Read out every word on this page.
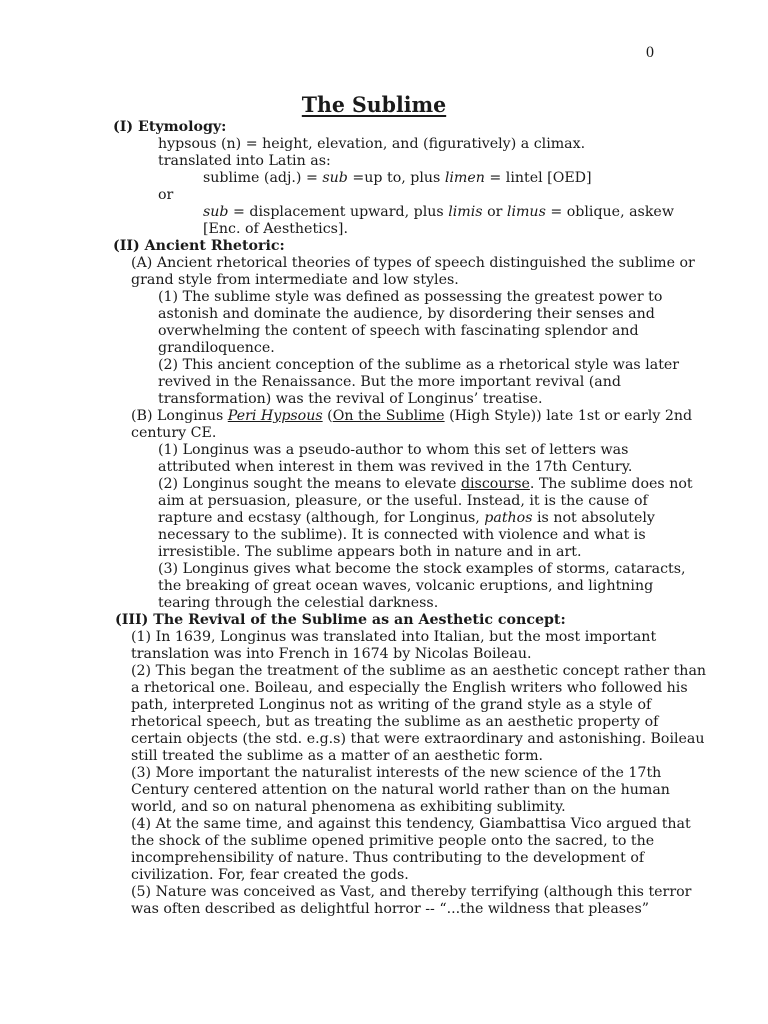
0
The Sublime
(I) Etymology:
hypsous (n) = height, elevation, and (figuratively) a climax.
translated into Latin as:
sublime (adj.) = sub =up to, plus limen = lintel [OED]
or
sub = displacement upward, plus limis or limus = oblique, askew
[Enc. of Aesthetics].
(II) Ancient Rhetoric:
(A) Ancient rhetorical theories of types of speech distinguished the sublime or
grand style from intermediate and low styles.
(1) The sublime style was defined as possessing the greatest power to
astonish and dominate the audience, by disordering their senses and
overwhelming the content of speech with fascinating splendor and
grandiloquence.
(2) This ancient conception of the sublime as a rhetorical style was later
revived in the Renaissance. But the more important revival (and
transformation) was the revival of Longinus’ treatise.
(B) Longinus Peri Hypsous (On the Sublime (High Style)) late 1st or early 2nd
century CE.
(1) Longinus was a pseudo-author to whom this set of letters was
attributed when interest in them was revived in the 17th Century.
(2) Longinus sought the means to elevate discourse. The sublime does not
aim at persuasion, pleasure, or the useful. Instead, it is the cause of
rapture and ecstasy (although, for Longinus, pathos is not absolutely
necessary to the sublime). It is connected with violence and what is
irresistible. The sublime appears both in nature and in art.
(3) Longinus gives what become the stock examples of storms, cataracts,
the breaking of great ocean waves, volcanic eruptions, and lightning
tearing through the celestial darkness.
(III) The Revival of the Sublime as an Aesthetic concept:
(1) In 1639, Longinus was translated into Italian, but the most important
translation was into French in 1674 by Nicolas Boileau.
(2) This began the treatment of the sublime as an aesthetic concept rather than
a rhetorical one. Boileau, and especially the English writers who followed his
path, interpreted Longinus not as writing of the grand style as a style of
rhetorical speech, but as treating the sublime as an aesthetic property of
certain objects (the std. e.g.s) that were extraordinary and astonishing. Boileau
still treated the sublime as a matter of an aesthetic form.
(3) More important the naturalist interests of the new science of the 17th
Century centered attention on the natural world rather than on the human
world, and so on natural phenomena as exhibiting sublimity.
(4) At the same time, and against this tendency, Giambattisa Vico argued that
the shock of the sublime opened primitive people onto the sacred, to the
incomprehensibility of nature. Thus contributing to the development of
civilization. For, fear created the gods.
(5) Nature was conceived as Vast, and thereby terrifying (although this terror
was often described as delightful horror -- “...the wildness that pleases”
